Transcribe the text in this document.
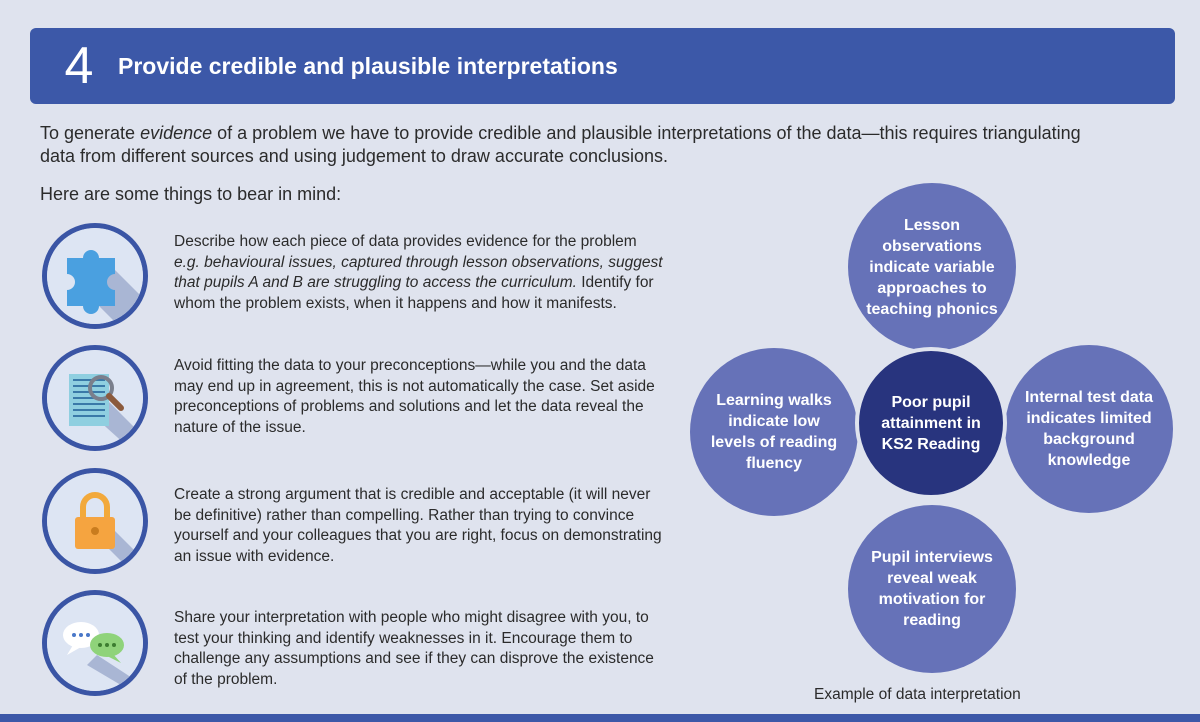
4	Provide credible and plausible interpretations
To generate evidence of a problem we have to provide credible and plausible interpretations of the data—this requires triangulating data from different sources and using judgement to draw accurate conclusions.
Here are some things to bear in mind:
Describe how each piece of data provides evidence for the problem e.g. behavioural issues, captured through lesson observations, suggest that pupils A and B are struggling to access the curriculum. Identify for whom the problem exists, when it happens and how it manifests.
Avoid fitting the data to your preconceptions—while you and the data may end up in agreement, this is not automatically the case. Set aside preconceptions of problems and solutions and let the data reveal the nature of the issue.
Create a strong argument that is credible and acceptable (it will never be definitive) rather than compelling. Rather than trying to convince yourself and your colleagues that you are right, focus on demonstrating an issue with evidence.
Share your interpretation with people who might disagree with you, to test your thinking and identify weaknesses in it. Encourage them to challenge any assumptions and see if they can disprove the existence of the problem.
Lesson observations indicate variable approaches to teaching phonics
Learning walks indicate low levels of reading fluency
Internal test data indicates limited background knowledge
Pupil interviews reveal weak motivation for reading
Poor pupil attainment in KS2 Reading
Example of data interpretation
